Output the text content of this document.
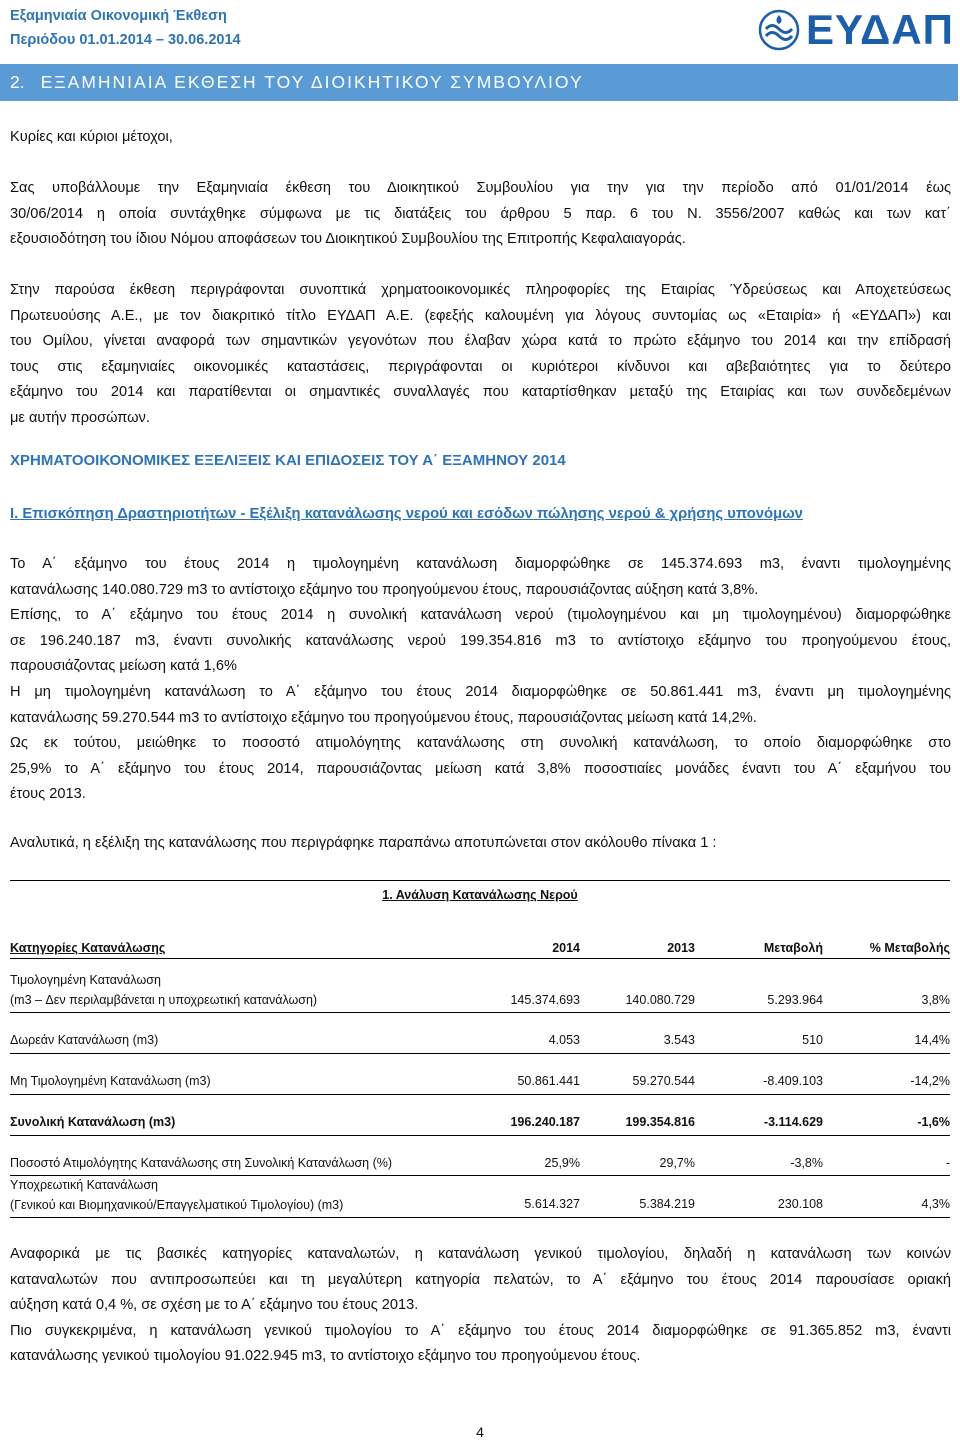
Εξαμηνιαία Οικονομική Έκθεση
Περιόδου 01.01.2014 – 30.06.2014	ΕΥΔΑΠ
2. ΕΞΑΜΗΝΙΑΙΑ ΕΚΘΕΣΗ ΤΟΥ ΔΙΟΙΚΗΤΙΚΟΥ ΣΥΜΒΟΥΛΙΟΥ
Κυρίες και κύριοι μέτοχοι,

Σας υποβάλλουμε την Εξαμηνιαία έκθεση του Διοικητικού Συμβουλίου για την για την περίοδο από 01/01/2014 έως

30/06/2014 η οποία συντάχθηκε σύμφωνα με τις διατάξεις του άρθρου 5 παρ. 6 του Ν. 3556/2007 καθώς και των κατ΄

εξουσιοδότηση του ίδιου Νόμου αποφάσεων του Διοικητικού Συμβουλίου της Επιτροπής Κεφαλαιαγοράς.

Στην παρούσα έκθεση περιγράφονται συνοπτικά χρηματοοικονομικές πληροφορίες της Εταιρίας Ύδρεύσεως και Αποχετεύσεως

Πρωτευούσης Α.Ε., με τον διακριτικό τίτλο ΕΥΔΑΠ Α.Ε. (εφεξής καλουμένη για λόγους συντομίας ως «Εταιρία» ή «ΕΥΔΑΠ») και

του Ομίλου, γίνεται αναφορά των σημαντικών γεγονότων που έλαβαν χώρα κατά το πρώτο εξάμηνο του 2014 και την επίδρασή

τους στις εξαμηνιαίες οικονομικές καταστάσεις, περιγράφονται οι κυριότεροι κίνδυνοι και αβεβαιότητες για το δεύτερο

εξάμηνο του 2014 και παρατίθενται οι σημαντικές συναλλαγές που καταρτίσθηκαν μεταξύ της Εταιρίας και των συνδεδεμένων

με αυτήν προσώπων.

ΧΡΗΜΑΤΟΟΙΚΟΝΟΜΙΚΕΣ ΕΞΕΛΙΞΕΙΣ ΚΑΙ ΕΠΙΔΟΣΕΙΣ ΤΟΥ Α΄ ΕΞΑΜΗΝΟΥ 2014
Ι. Επισκόπηση Δραστηριοτήτων - Εξέλιξη κατανάλωσης νερού και εσόδων πώλησης νερού & χρήσης υπονόμων

Το Α΄ εξάμηνο του έτους 2014 η τιμολογημένη κατανάλωση διαμορφώθηκε σε 145.374.693 m3, έναντι τιμολογημένης

κατανάλωσης 140.080.729 m3 το αντίστοιχο εξάμηνο του προηγούμενου έτους, παρουσιάζοντας αύξηση κατά 3,8%.

Επίσης, το Α΄ εξάμηνο του έτους 2014 η συνολική κατανάλωση νερού (τιμολογημένου και μη τιμολογημένου) διαμορφώθηκε

σε 196.240.187 m3, έναντι συνολικής κατανάλωσης νερού 199.354.816 m3 το αντίστοιχο εξάμηνο του προηγούμενου έτους,

παρουσιάζοντας μείωση κατά 1,6%

Η μη τιμολογημένη κατανάλωση το Α΄ εξάμηνο του έτους 2014 διαμορφώθηκε σε 50.861.441 m3, έναντι μη τιμολογημένης

κατανάλωσης 59.270.544 m3 το αντίστοιχο εξάμηνο του προηγούμενου έτους, παρουσιάζοντας μείωση κατά 14,2%.

Ως εκ τούτου, μειώθηκε το ποσοστό ατιμολόγητης κατανάλωσης στη συνολική κατανάλωση, το οποίο διαμορφώθηκε στο

25,9% το Α΄ εξάμηνο του έτους 2014, παρουσιάζοντας μείωση κατά 3,8% ποσοστιαίες μονάδες έναντι του Α΄ εξαμήνου του

έτους 2013.

Αναλυτικά, η εξέλιξη της κατανάλωσης που περιγράφηκε παραπάνω αποτυπώνεται στον ακόλουθο πίνακα 1 :
1. Ανάλυση Κατανάλωσης Νερού
Κατηγορίες Κατανάλωσης	2014	2013	Μεταβολή	% Μεταβολής
Τιμολογημένη Κατανάλωση
(m3 – Δεν περιλαμβάνεται η υποχρεωτική κατανάλωση)	145.374.693	140.080.729	5.293.964	3,8%
Δωρεάν Κατανάλωση (m3)	4.053	3.543	510	14,4%
Μη Τιμολογημένη Κατανάλωση (m3)	50.861.441	59.270.544	-8.409.103	-14,2%
Συνολική Κατανάλωση (m3)	196.240.187	199.354.816	-3.114.629	-1,6%
Ποσοστό Ατιμολόγητης Κατανάλωσης στη Συνολική Κατανάλωση (%)	25,9%	29,7%	-3,8%	-
Υποχρεωτική Κατανάλωση
(Γενικού και Βιομηχανικού/Επαγγελματικού Τιμολογίου) (m3)	5.614.327	5.384.219	230.108	4,3%

Αναφορικά με τις βασικές κατηγορίες καταναλωτών, η κατανάλωση γενικού τιμολογίου, δηλαδή η κατανάλωση των κοινών

καταναλωτών που αντιπροσωπεύει και τη μεγαλύτερη κατηγορία πελατών, το Α΄ εξάμηνο του έτους 2014 παρουσίασε οριακή

αύξηση κατά 0,4 %, σε σχέση με το Α΄ εξάμηνο του έτους 2013.

Πιο συγκεκριμένα, η κατανάλωση γενικού τιμολογίου το Α΄ εξάμηνο του έτους 2014 διαμορφώθηκε σε 91.365.852 m3, έναντι

κατανάλωσης γενικού τιμολογίου 91.022.945 m3, το αντίστοιχο εξάμηνο του προηγούμενου έτους.

4
